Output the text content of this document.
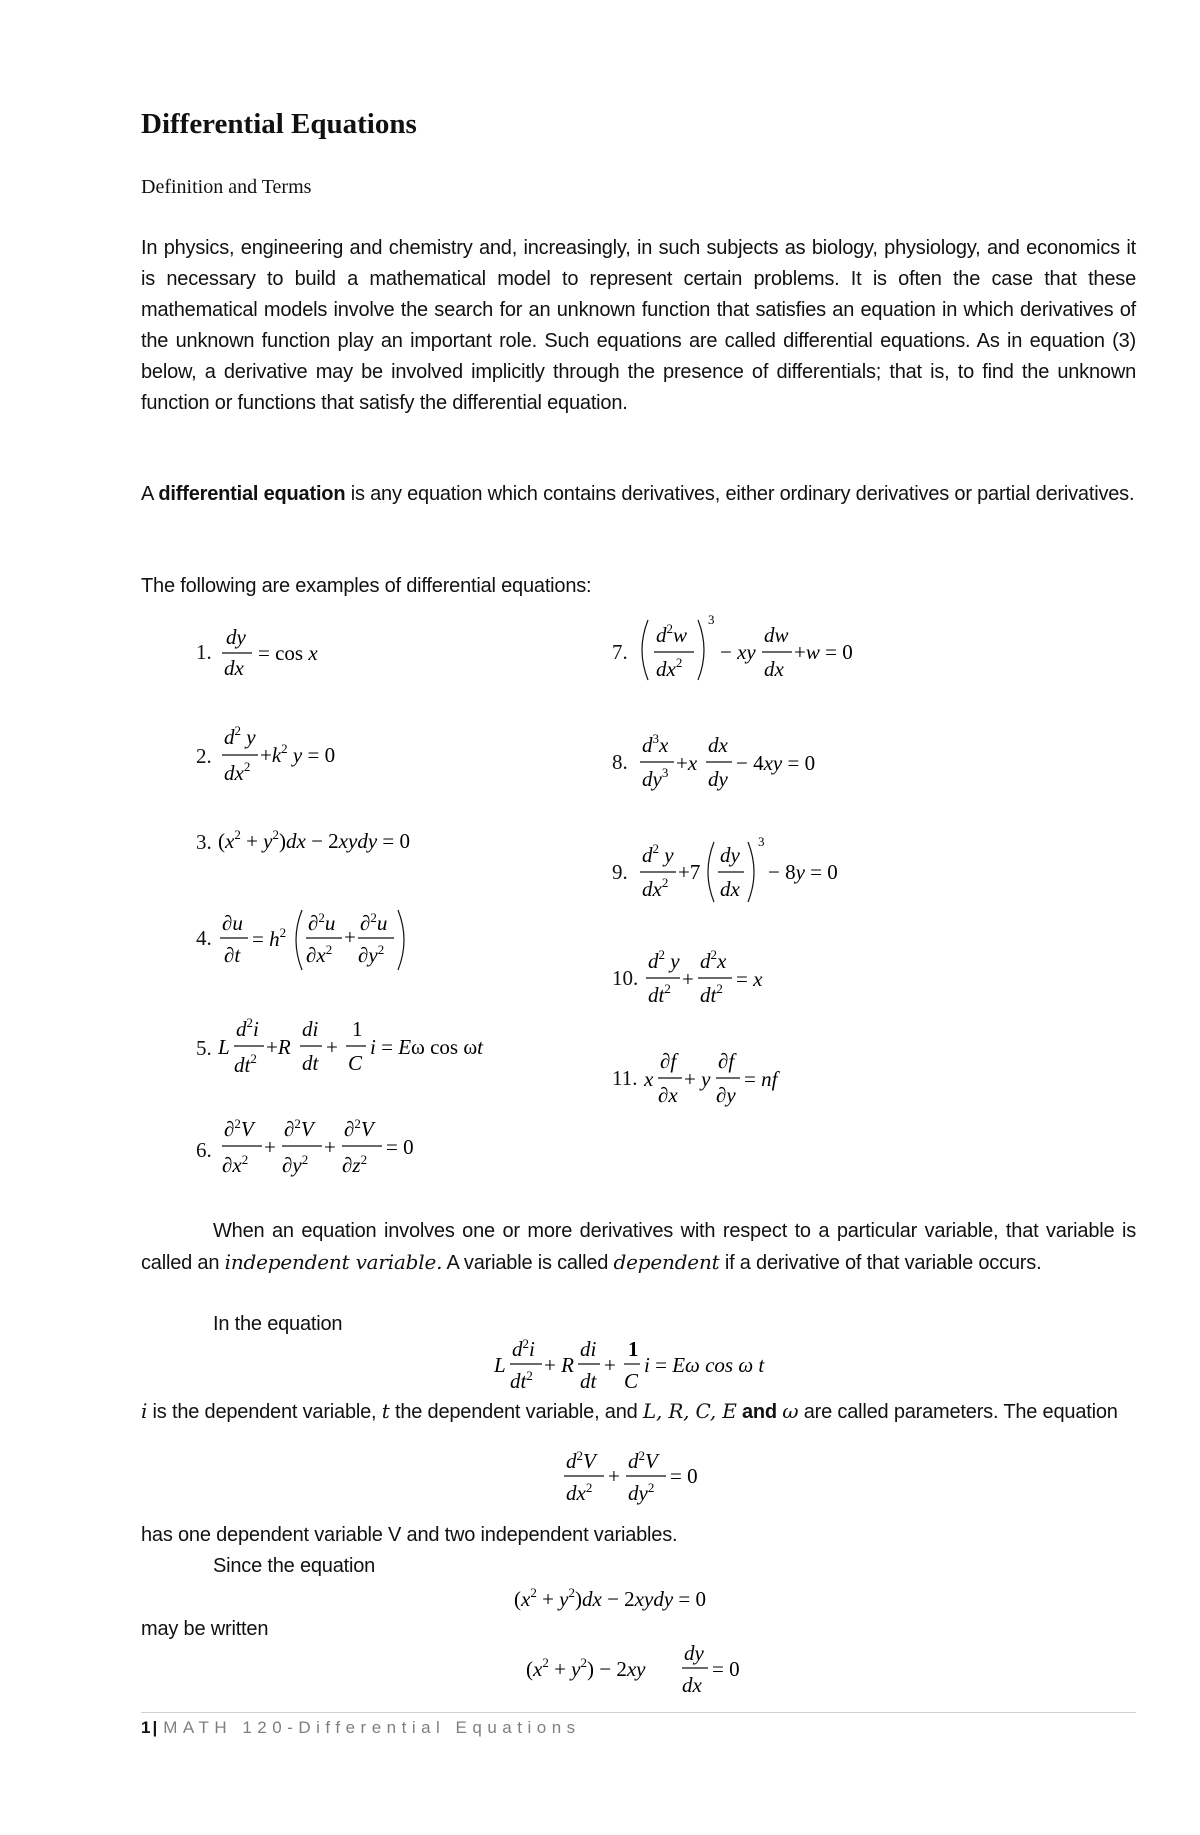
Differential Equations
Definition and Terms
In physics, engineering and chemistry and, increasingly, in such subjects as biology, physiology, and economics it is necessary to build a mathematical model to represent certain problems. It is often the case that these mathematical models involve the search for an unknown function that satisfies an equation in which derivatives of the unknown function play an important role. Such equations are called differential equations. As in equation (3) below, a derivative may be involved implicitly through the presence of differentials; that is, to find the unknown function or functions that satisfy the differential equation.
A differential equation is any equation which contains derivatives, either ordinary derivatives or partial derivatives.
The following are examples of differential equations:
1.
dy
dx
= cos x
2.
$d^2$ y
$dx^2 +k^2$ y = 0
3. $(x^2 + y^2)dx$ − 2xydy = 0
4.
∂u
∂t
= $h^2$ ∂$^2$u
$\partial x^2$
+
∂$^2$u
$\partial y^2$
5. L
$d^2i$
$dt^2 +R$
di
dt
+
1
C
i = Eω cos ωt
6.
∂$^2$V
$\partial x^2$
+
∂$^2$V
$\partial y^2$
+
∂$^2$V
$\partial z^2$
= 0
7.
$d^2w$
$dx^2$
3
− xy
dw
dx
+w = 0
8.
$d^3x$
$dy^3 +x$
dx
dy
− 4xy = 0
9.
$d^2$ y
$dx^2 +7$
dy
dx
3
− 8y = 0
10.
$d^2$ y
$dt^2$ +
$d^2x$
$dt^2 = x$
11. x
∂f
∂x
+ y
∂f
∂y
= nf
When an equation involves one or more derivatives with respect to a particular variable, that variable is called an independent variable. A variable is called dependent if a derivative of that variable occurs.
In the equation
L
$d^2i$
$dt^2 + R$
di
dt
+
1
C
i = Eω cos ω t
i is the dependent variable, t the dependent variable, and L, R, C, E and ω are called parameters. The equation
$d^2V$
$dx^2$ +
$d^2V$
$dy^2 = 0$
has one dependent variable V and two independent variables.
Since the equation
$(x^2 + y^2)dx$ − 2xydy = 0
may be written
$(x^2 + y^2) - 2xy$
dy
dx
= 0
1 | MATH 120-Differential Equations
